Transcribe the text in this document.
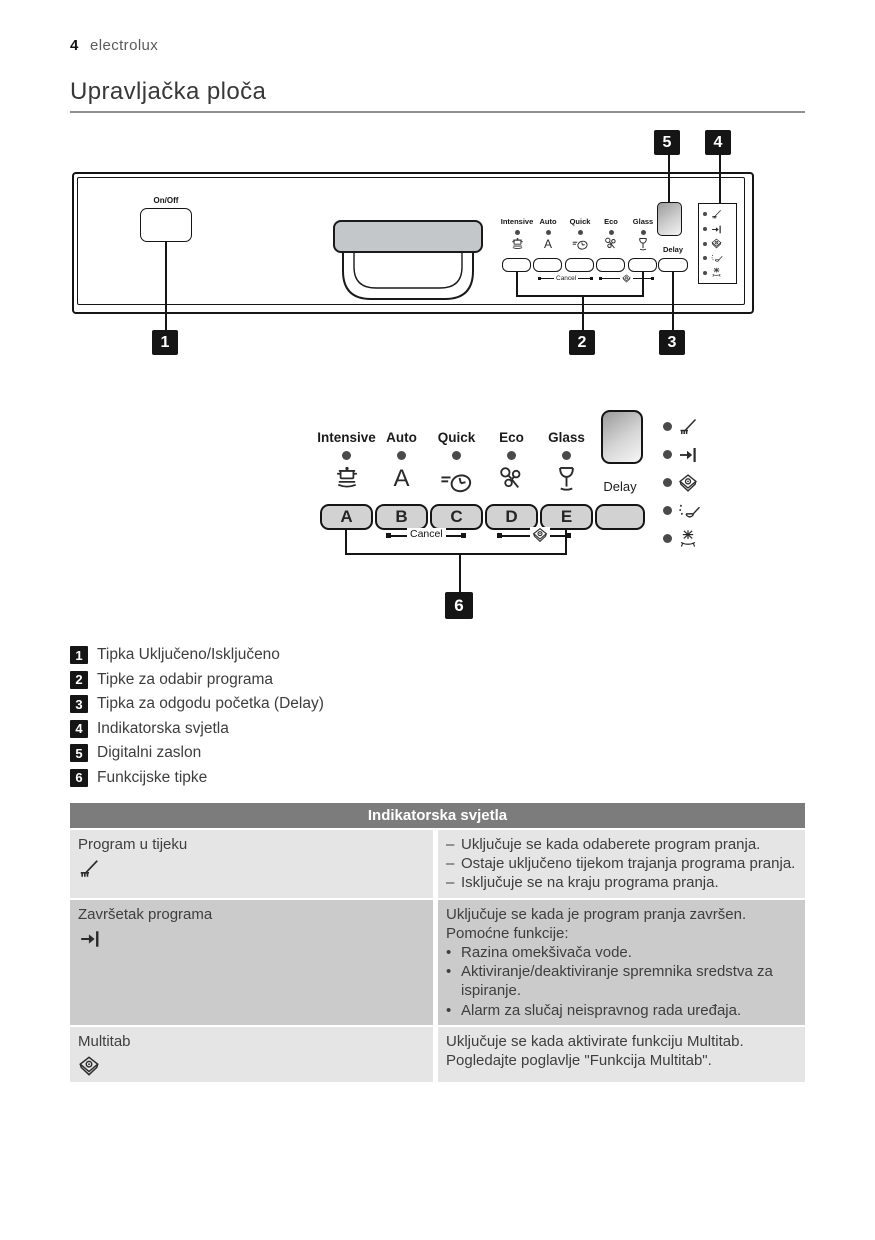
4 electrolux
Upravljačka ploča
On/Off
Intensive Auto
A
Quick Eco Glass
Cancel
Delay
5	4
1	2	3
Intensive Auto
A
Quick Eco Glass
A	B	C	D	E
Delay
Cancel
6
1 Tipka Uključeno/Isključeno
2 Tipke za odabir programa
3 Tipka za odgodu početka (Delay)
4 Indikatorska svjetla
5 Digitalni zaslon
6 Funkcijske tipke
Indikatorska svjetla
Program u tijeku	– Uključuje se kada odaberete program pranja.
– Ostaje uključeno tijekom trajanja programa pranja.
– Isključuje se na kraju programa pranja.
Završetak programa	Uključuje se kada je program pranja završen.
Pomoćne funkcije:
• Razina omekšivača vode.
• Aktiviranje/deaktiviranje spremnika sredstva za ispiranje.
• Alarm za slučaj neispravnog rada uređaja.
Multitab	Uključuje se kada aktivirate funkciju Multitab.
Pogledajte poglavlje "Funkcija Multitab".
